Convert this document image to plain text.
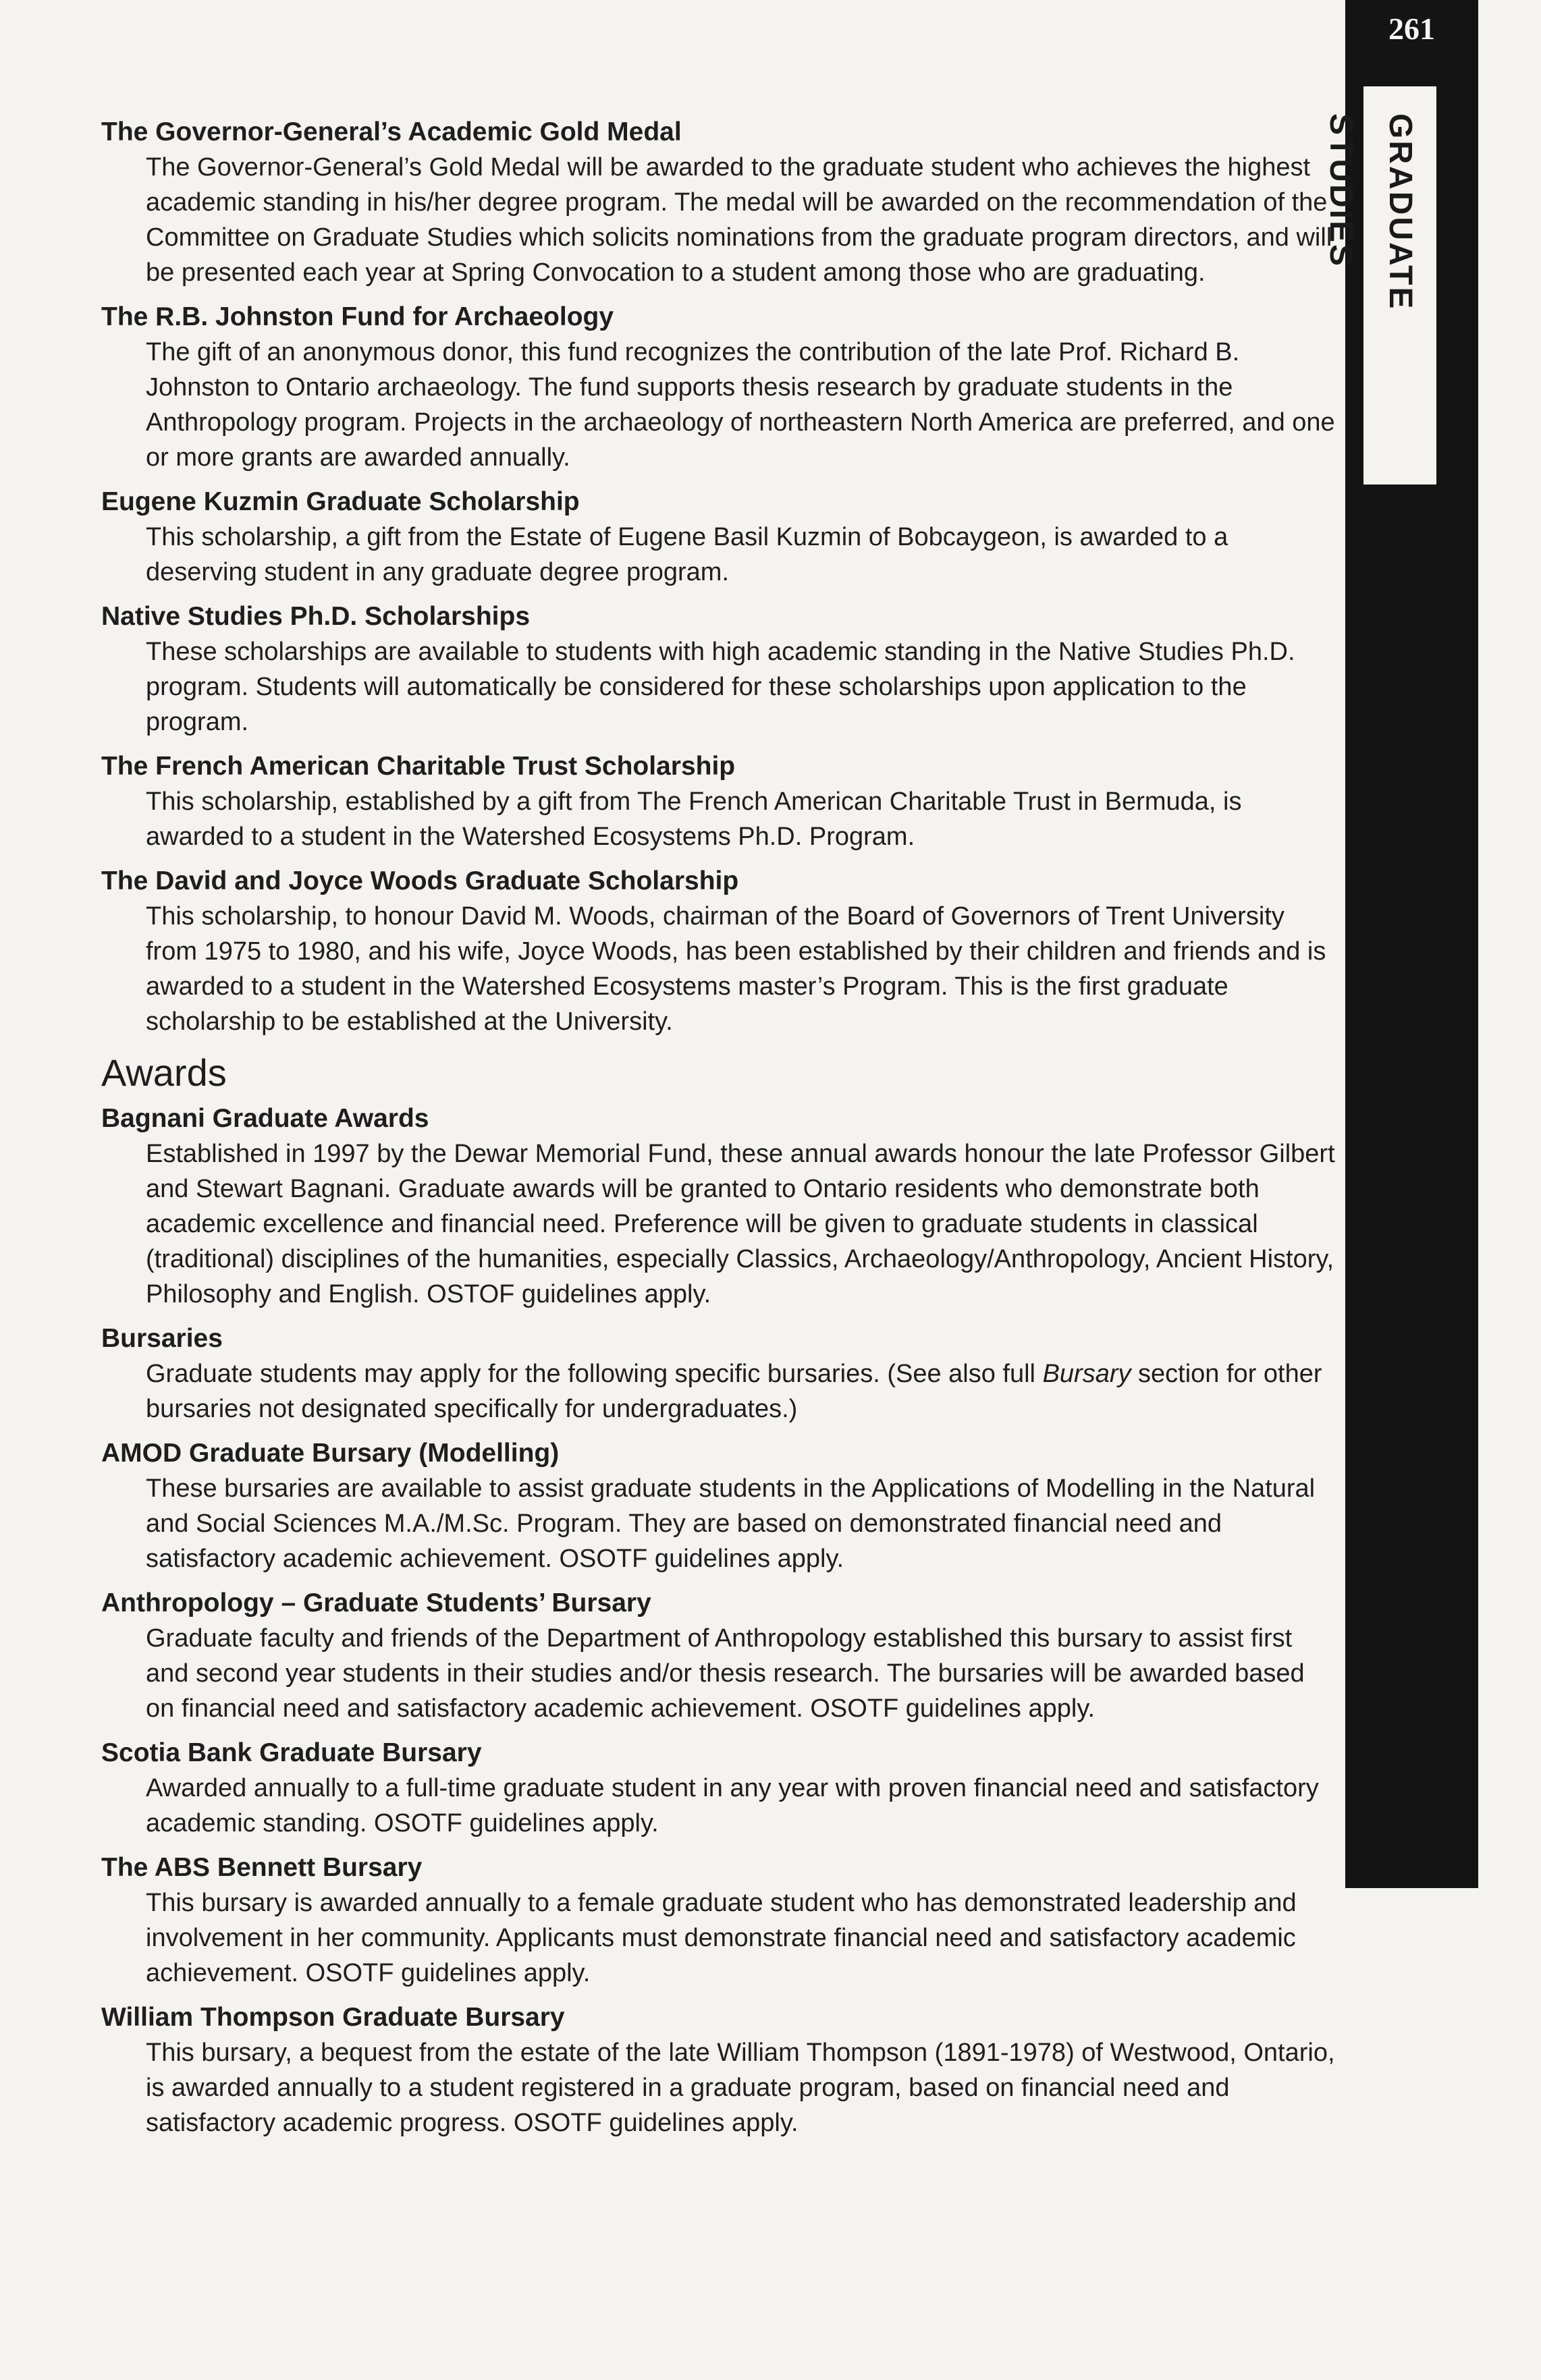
261
GRADUATE STUDIES

The Governor-General’s Academic Gold Medal

The Governor-General’s Gold Medal will be awarded to the graduate student who achieves the highest academic standing in his/her degree program. The medal will be awarded on the recommendation of the Committee on Graduate Studies which solicits nominations from the graduate program directors, and will be presented each year at Spring Convocation to a student among those who are graduating.

The R.B. Johnston Fund for Archaeology

The gift of an anonymous donor, this fund recognizes the contribution of the late Prof. Richard B. Johnston to Ontario archaeology. The fund supports thesis research by graduate students in the Anthropology program. Projects in the archaeology of northeastern North America are preferred, and one or more grants are awarded annually.

Eugene Kuzmin Graduate Scholarship

This scholarship, a gift from the Estate of Eugene Basil Kuzmin of Bobcaygeon, is awarded to a deserving student in any graduate degree program.

Native Studies Ph.D. Scholarships

These scholarships are available to students with high academic standing in the Native Studies Ph.D. program. Students will automatically be considered for these scholarships upon application to the program.

The French American Charitable Trust Scholarship

This scholarship, established by a gift from The French American Charitable Trust in Bermuda, is awarded to a student in the Watershed Ecosystems Ph.D. Program.

The David and Joyce Woods Graduate Scholarship

This scholarship, to honour David M. Woods, chairman of the Board of Governors of Trent University from 1975 to 1980, and his wife, Joyce Woods, has been established by their children and friends and is awarded to a student in the Watershed Ecosystems master’s Program. This is the first graduate scholarship to be established at the University.

Awards

Bagnani Graduate Awards

Established in 1997 by the Dewar Memorial Fund, these annual awards honour the late Professor Gilbert and Stewart Bagnani. Graduate awards will be granted to Ontario residents who demonstrate both academic excellence and financial need. Preference will be given to graduate students in classical (traditional) disciplines of the humanities, especially Classics, Archaeology/Anthropology, Ancient History, Philosophy and English. OSTOF guidelines apply.

Bursaries

Graduate students may apply for the following specific bursaries. (See also full Bursary section for other bursaries not designated specifically for undergraduates.)

AMOD Graduate Bursary (Modelling)

These bursaries are available to assist graduate students in the Applications of Modelling in the Natural and Social Sciences M.A./M.Sc. Program. They are based on demonstrated financial need and satisfactory academic achievement. OSOTF guidelines apply.

Anthropology – Graduate Students’ Bursary

Graduate faculty and friends of the Department of Anthropology established this bursary to assist first and second year students in their studies and/or thesis research. The bursaries will be awarded based on financial need and satisfactory academic achievement. OSOTF guidelines apply.

Scotia Bank Graduate Bursary

Awarded annually to a full-time graduate student in any year with proven financial need and satisfactory academic standing. OSOTF guidelines apply.

The ABS Bennett Bursary

This bursary is awarded annually to a female graduate student who has demonstrated leadership and involvement in her community. Applicants must demonstrate financial need and satisfactory academic achievement. OSOTF guidelines apply.

William Thompson Graduate Bursary

This bursary, a bequest from the estate of the late William Thompson (1891-1978) of Westwood, Ontario, is awarded annually to a student registered in a graduate program, based on financial need and satisfactory academic progress. OSOTF guidelines apply.
